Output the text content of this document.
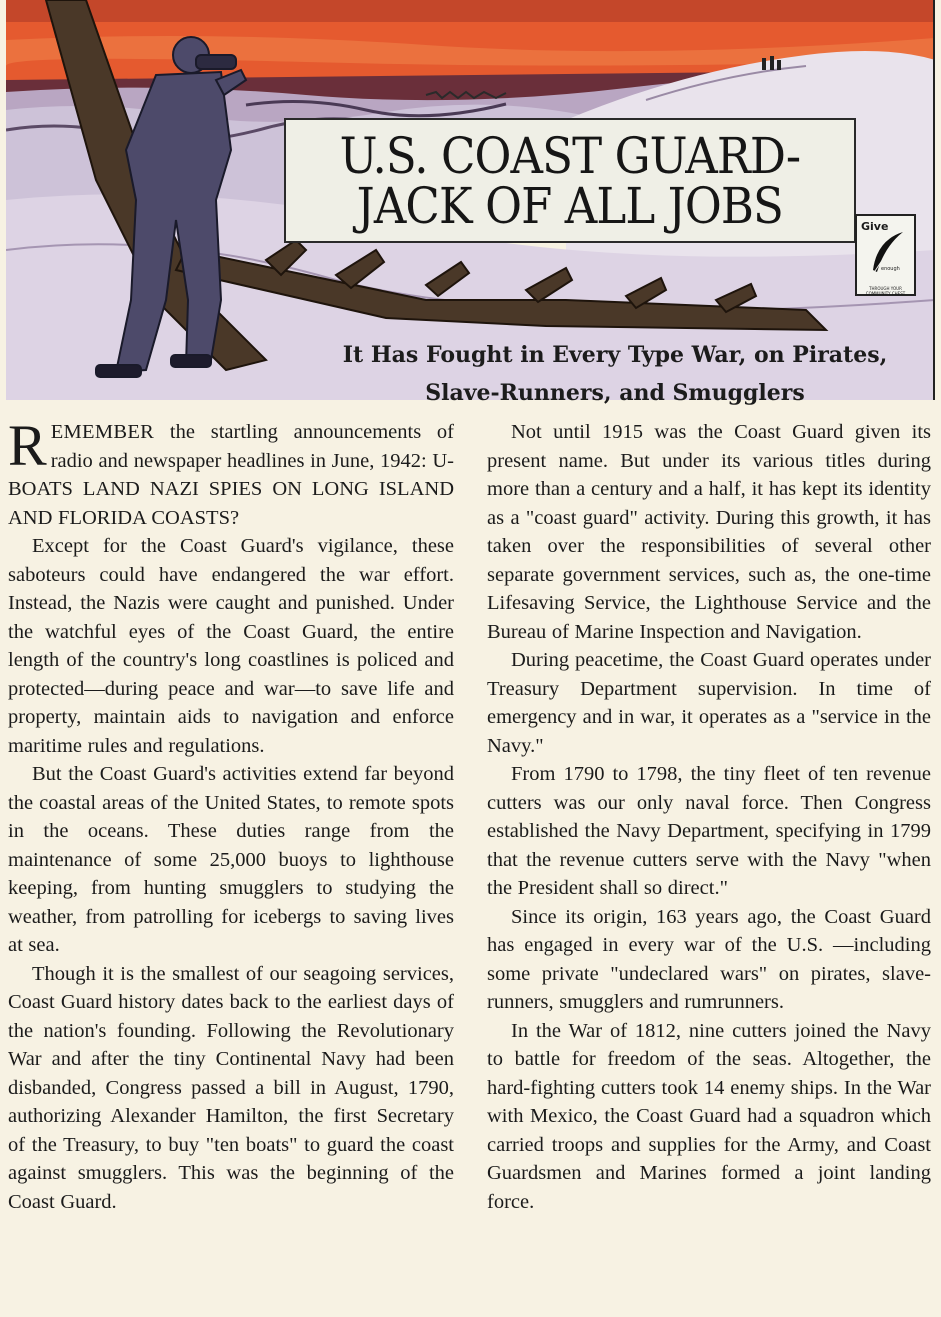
U.S. COAST GUARD-
JACK OF ALL JOBS	Give
enough
THROUGH YOUR COMMUNITY CHEST
It Has Fought in Every Type War, on Pirates,
Slave-Runners, and Smugglers

REMEMBER the startling announcements of radio and newspaper headlines in June, 1942: U-BOATS LAND NAZI SPIES ON LONG ISLAND AND FLORIDA COASTS?

Except for the Coast Guard's vigilance, these saboteurs could have endangered the war effort. Instead, the Nazis were caught and punished. Under the watchful eyes of the Coast Guard, the entire length of the country's long coastlines is policed and protected—during peace and war—to save life and property, maintain aids to navigation and enforce maritime rules and regulations.

But the Coast Guard's activities extend far beyond the coastal areas of the United States, to remote spots in the oceans. These duties range from the maintenance of some 25,000 buoys to lighthouse keeping, from hunting smugglers to studying the weather, from patrolling for icebergs to saving lives at sea.

Though it is the smallest of our seagoing services, Coast Guard history dates back to the earliest days of the nation's founding. Following the Revolutionary War and after the tiny Continental Navy had been disbanded, Congress passed a bill in August, 1790, authorizing Alexander Hamilton, the first Secretary of the Treasury, to buy "ten boats" to guard the coast against smugglers. This was the beginning of the Coast Guard.

Not until 1915 was the Coast Guard given its present name. But under its various titles during more than a century and a half, it has kept its identity as a "coast guard" activity. During this growth, it has taken over the responsibilities of several other separate government services, such as, the one-time Lifesaving Service, the Lighthouse Service and the Bureau of Marine Inspection and Navigation.

During peacetime, the Coast Guard operates under Treasury Department supervision. In time of emergency and in war, it operates as a "service in the Navy."

From 1790 to 1798, the tiny fleet of ten revenue cutters was our only naval force. Then Congress established the Navy Department, specifying in 1799 that the revenue cutters serve with the Navy "when the President shall so direct."

Since its origin, 163 years ago, the Coast Guard has engaged in every war of the U.S. —including some private "undeclared wars" on pirates, slave-runners, smugglers and rumrunners.

In the War of 1812, nine cutters joined the Navy to battle for freedom of the seas. Altogether, the hard-fighting cutters took 14 enemy ships. In the War with Mexico, the Coast Guard had a squadron which carried troops and supplies for the Army, and Coast Guardsmen and Marines formed a joint landing force.
